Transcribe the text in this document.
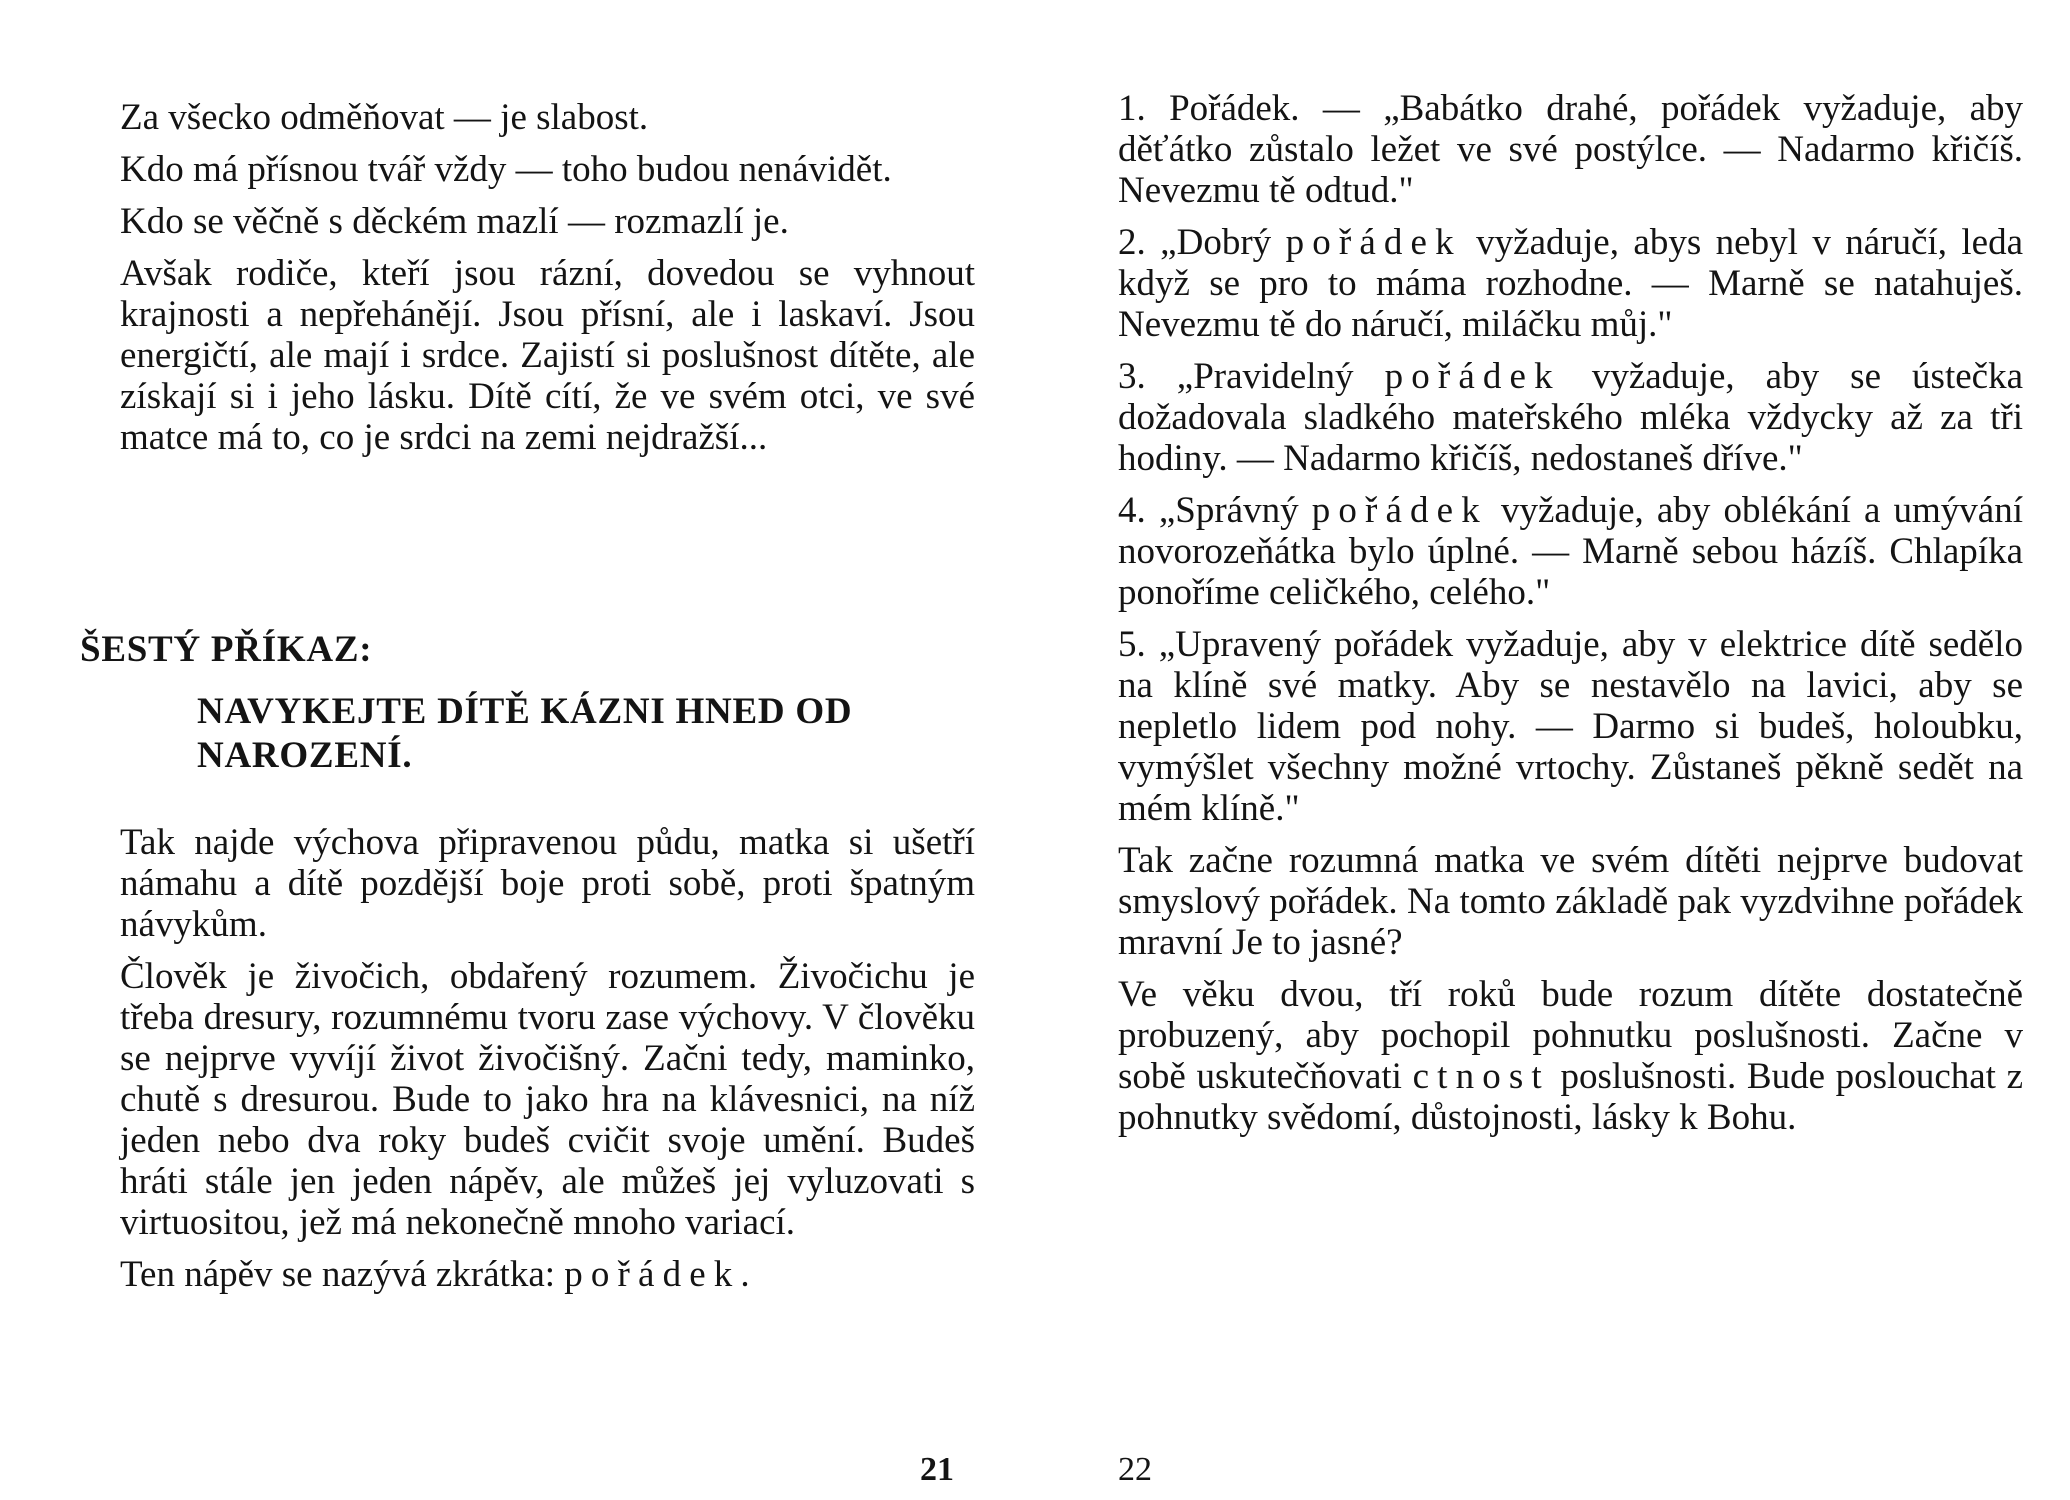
Za všecko odměňovat — je slabost.

Kdo má přísnou tvář vždy — toho budou nenávidět.

Kdo se věčně s děckém mazlí — rozmazlí je.

Avšak rodiče, kteří jsou rázní, dovedou se vyhnout krajnosti a nepřehánějí. Jsou přísní, ale i laskaví. Jsou energičtí, ale mají i srdce. Zajistí si poslušnost dítěte, ale získají si i jeho lásku. Dítě cítí, že ve svém otci, ve své matce má to, co je srdci na zemi nejdražší...

ŠESTÝ PŘÍKAZ:
NAVYKEJTE DÍTĚ KÁZNI HNED OD NAROZENÍ.

Tak najde výchova připravenou půdu, matka si ušetří námahu a dítě pozdější boje proti sobě, proti špatným návykům.

Člověk je živočich, obdařený rozumem. Živočichu je třeba dresury, rozumnému tvoru zase výchovy. V člověku se nejprve vyvíjí život živočišný. Začni tedy, maminko, chutě s dresurou. Bude to jako hra na klávesnici, na níž jeden nebo dva roky budeš cvičit svoje umění. Budeš hráti stále jen jeden nápěv, ale můžeš jej vyluzovati s virtuositou, jež má nekonečně mnoho variací.

Ten nápěv se nazývá zkrátka: pořádek.

21

1. Pořádek. — „Babátko drahé, pořádek vyžaduje, aby děťátko zůstalo ležet ve své postýlce. — Nadarmo křičíš. Nevezmu tě odtud."

2. „Dobrý pořádek vyžaduje, abys nebyl v náručí, leda když se pro to máma rozhodne. — Marně se natahuješ. Nevezmu tě do náručí, miláčku můj."

3. „Pravidelný pořádek vyžaduje, aby se ústečka dožadovala sladkého mateřského mléka vždycky až za tři hodiny. — Nadarmo křičíš, nedostaneš dříve."

4. „Správný pořádek vyžaduje, aby oblékání a umývání novorozeňátka bylo úplné. — Marně sebou házíš. Chlapíka ponoříme celičkého, celého."

5. „Upravený pořádek vyžaduje, aby v elektrice dítě sedělo na klíně své matky. Aby se nestavělo na lavici, aby se nepletlo lidem pod nohy. — Darmo si budeš, holoubku, vymýšlet všechny možné vrtochy. Zůstaneš pěkně sedět na mém klíně."

Tak začne rozumná matka ve svém dítěti nejprve budovat smyslový pořádek. Na tomto základě pak vyzdvihne pořádek mravní Je to jasné?

Ve věku dvou, tří roků bude rozum dítěte dostatečně probuzený, aby pochopil pohnutku poslušnosti. Začne v sobě uskutečňovati ctnost poslušnosti. Bude poslouchat z pohnutky svědomí, důstojnosti, lásky k Bohu.

22
